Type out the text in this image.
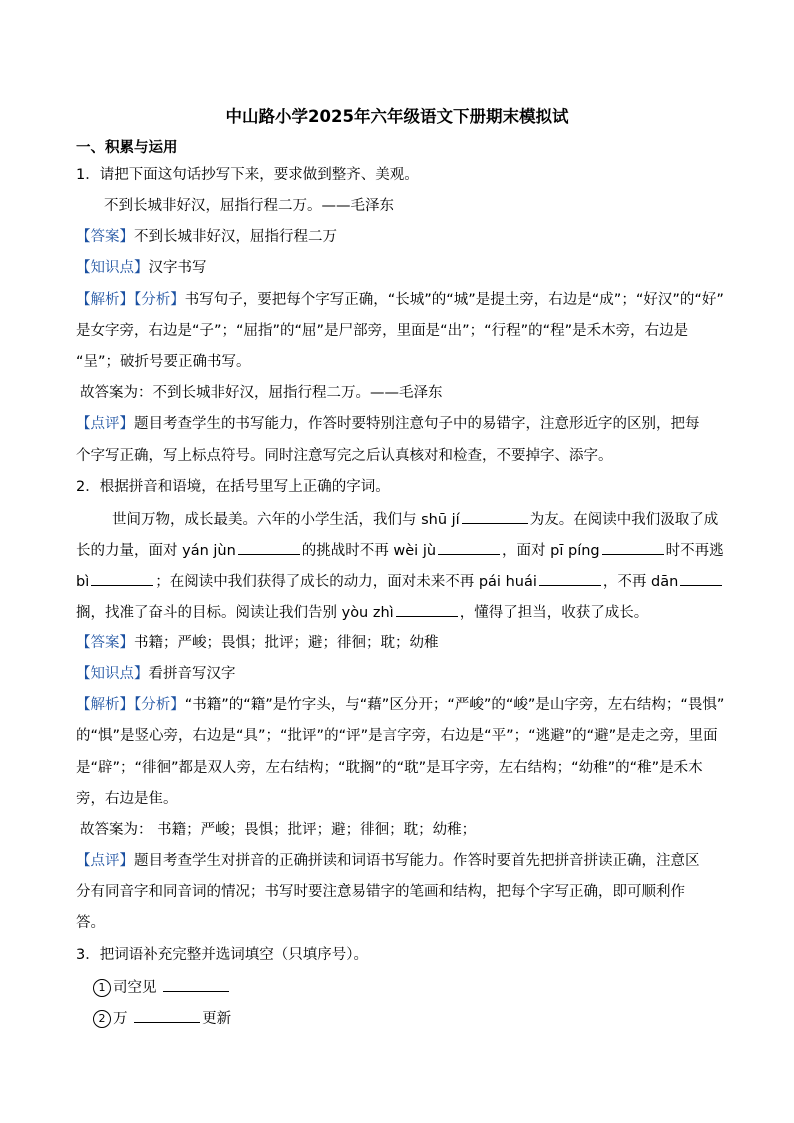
中山路小学2025年六年级语文下册期末模拟试
一、积累与运用
1．请把下面这句话抄写下来，要求做到整齐、美观。
不到长城非好汉，屈指行程二万。——毛泽东
【答案】不到长城非好汉，屈指行程二万
【知识点】汉字书写
【解析】【分析】书写句子，要把每个字写正确，“长城”的“城”是提土旁，右边是“成”；“好汉”的“好”
是女字旁，右边是“子”；“屈指”的“屈”是尸部旁，里面是“出”；“行程”的“程”是禾木旁，右边是
“呈”；破折号要正确书写。
故答案为：不到长城非好汉，屈指行程二万。——毛泽东
【点评】题目考查学生的书写能力，作答时要特别注意句子中的易错字，注意形近字的区别，把每
个字写正确，写上标点符号。同时注意写完之后认真核对和检查，不要掉字、添字。
2．根据拼音和语境，在括号里写上正确的字词。
世间万物，成长最美。六年的小学生活，我们与 shū jí	为友。在阅读中我们汲取了成
长的力量，面对 yán jùn	的挑战时不再 wèi jù	，面对 pī píng	时不再逃
bì	；在阅读中我们获得了成长的动力，面对未来不再 pái huái	，不再 dān
搁，找准了奋斗的目标。阅读让我们告别 yòu zhì	，懂得了担当，收获了成长。
【答案】书籍；严峻；畏惧；批评；避；徘徊；耽；幼稚
【知识点】看拼音写汉字
【解析】【分析】“书籍”的“籍”是竹字头，与“藉”区分开；“严峻”的“峻”是山字旁，左右结构；“畏惧”
的“惧”是竖心旁，右边是“具”；“批评”的“评”是言字旁，右边是“平”；“逃避”的“避”是走之旁，里面
是“辟”；“徘徊”都是双人旁，左右结构；“耽搁”的“耽”是耳字旁，左右结构；“幼稚”的“稚”是禾木
旁，右边是隹。
故答案为： 书籍；严峻；畏惧；批评；避；徘徊；耽；幼稚；
【点评】题目考查学生对拼音的正确拼读和词语书写能力。作答时要首先把拼音拼读正确，注意区
分有同音字和同音词的情况；书写时要注意易错字的笔画和结构，把每个字写正确，即可顺利作
答。
3．把词语补充完整并选词填空（只填序号）。
1 司空见
2 万	更新
